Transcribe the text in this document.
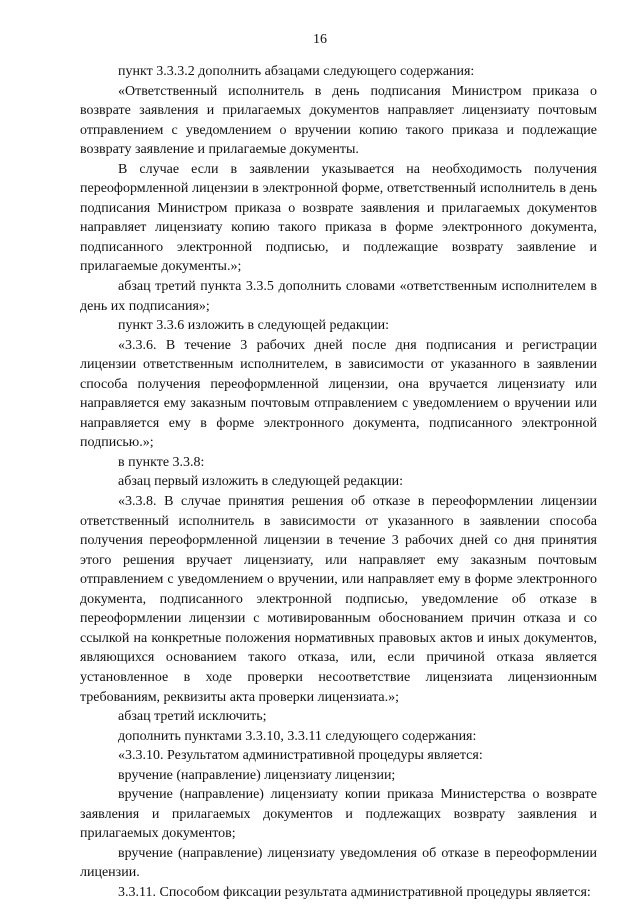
16

пункт 3.3.3.2 дополнить абзацами следующего содержания:

«Ответственный исполнитель в день подписания Министром приказа о возврате заявления и прилагаемых документов направляет лицензиату почтовым отправлением с уведомлением о вручении копию такого приказа и подлежащие возврату заявление и прилагаемые документы.

В случае если в заявлении указывается на необходимость получения переоформленной лицензии в электронной форме, ответственный исполнитель в день подписания Министром приказа о возврате заявления и прилагаемых документов направляет лицензиату копию такого приказа в форме электронного документа, подписанного электронной подписью, и подлежащие возврату заявление и прилагаемые документы.»;

абзац третий пункта 3.3.5 дополнить словами «ответственным исполнителем в день их подписания»;

пункт 3.3.6 изложить в следующей редакции:

«3.3.6. В течение 3 рабочих дней после дня подписания и регистрации лицензии ответственным исполнителем, в зависимости от указанного в заявлении способа получения переоформленной лицензии, она вручается лицензиату или направляется ему заказным почтовым отправлением с уведомлением о вручении или направляется ему в форме электронного документа, подписанного электронной подписью.»;

в пункте 3.3.8:

абзац первый изложить в следующей редакции:

«3.3.8. В случае принятия решения об отказе в переоформлении лицензии ответственный исполнитель в зависимости от указанного в заявлении способа получения переоформленной лицензии в течение 3 рабочих дней со дня принятия этого решения вручает лицензиату, или направляет ему заказным почтовым отправлением с уведомлением о вручении, или направляет ему в форме электронного документа, подписанного электронной подписью, уведомление об отказе в переоформлении лицензии с мотивированным обоснованием причин отказа и со ссылкой на конкретные положения нормативных правовых актов и иных документов, являющихся основанием такого отказа, или, если причиной отказа является установленное в ходе проверки несоответствие лицензиата лицензионным требованиям, реквизиты акта проверки лицензиата.»;

абзац третий исключить;

дополнить пунктами 3.3.10, 3.3.11 следующего содержания:

«3.3.10. Результатом административной процедуры является:

вручение (направление) лицензиату лицензии;

вручение (направление) лицензиату копии приказа Министерства о возврате заявления и прилагаемых документов и подлежащих возврату заявления и прилагаемых документов;

вручение (направление) лицензиату уведомления об отказе в переоформлении лицензии.

3.3.11. Способом фиксации результата административной процедуры является:
